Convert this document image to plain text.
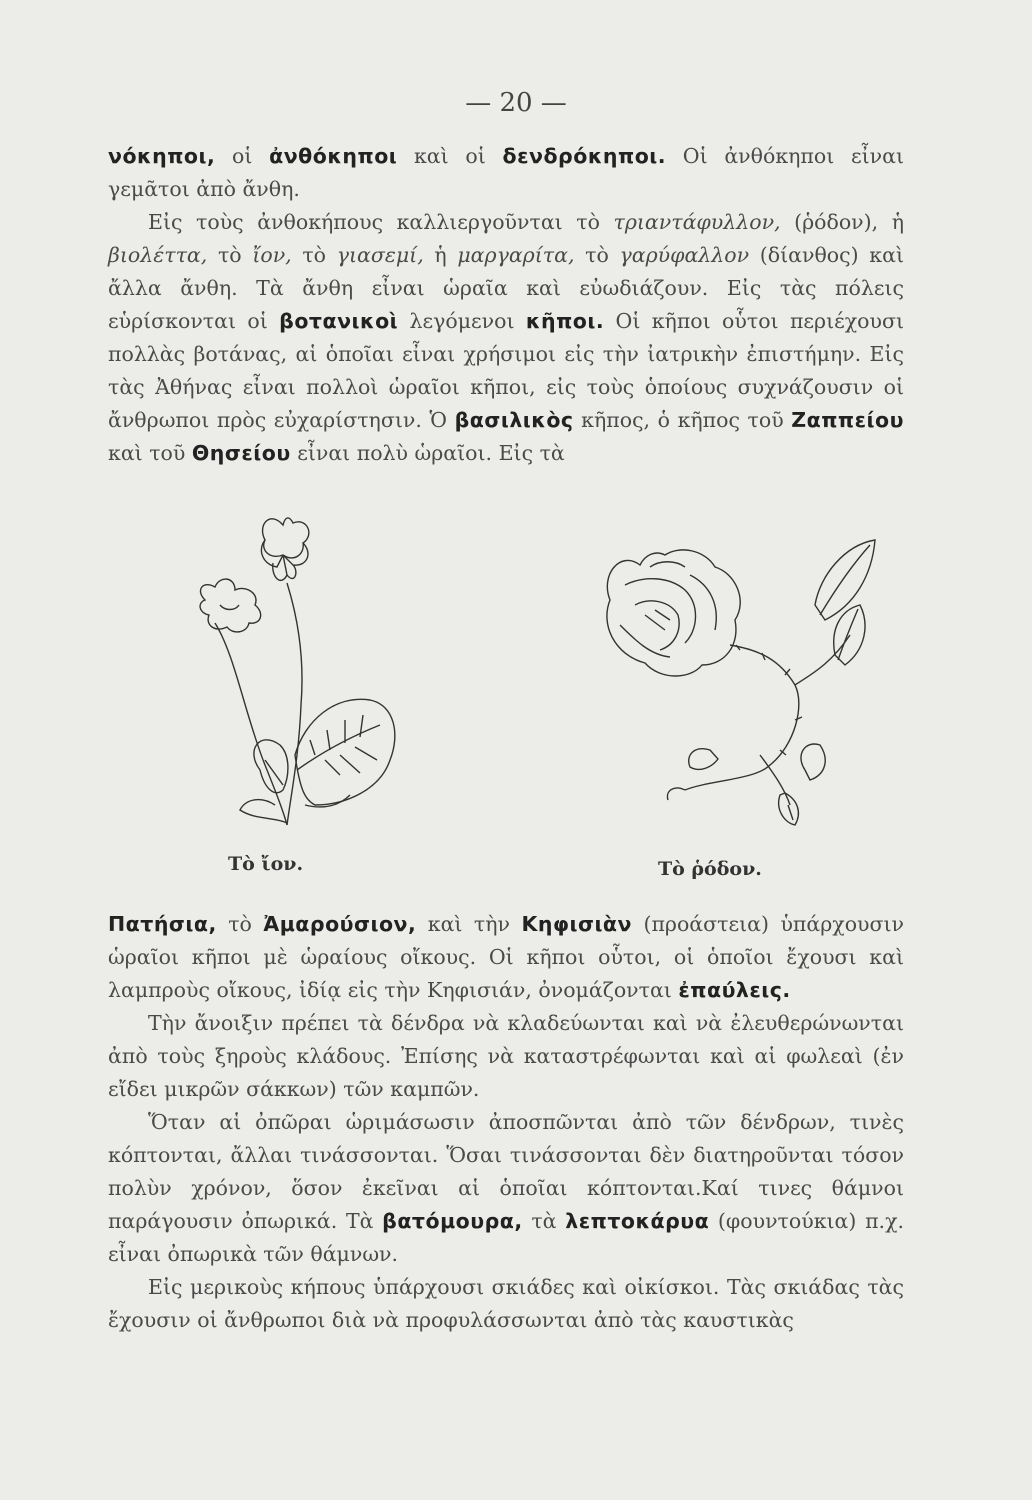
— 20 —

νόκηποι, οἱ ἀνθόκηποι καὶ οἱ δενδρόκηποι. Οἱ ἀνθόκηποι εἶναι γεμᾶτοι ἀπὸ ἄνθη.

Εἰς τοὺς ἀνθοκήπους καλλιεργοῦνται τὸ τριαντάφυλλον, (ῥόδον), ἡ βιολέττα, τὸ ἴον, τὸ γιασεμί, ἡ μαργαρίτα, τὸ γαρύφαλλον (δίανθος) καὶ ἄλλα ἄνθη. Τὰ ἄνθη εἶναι ὡραῖα καὶ εὐωδιάζουν. Εἰς τὰς πόλεις εὑρίσκονται οἱ βοτανικοὶ λεγόμενοι κῆποι. Οἱ κῆποι οὗτοι περιέχουσι πολλὰς βοτάνας, αἱ ὁποῖαι εἶναι χρήσιμοι εἰς τὴν ἰατρικὴν ἐπιστήμην. Εἰς τὰς Ἀθήνας εἶναι πολλοὶ ὡραῖοι κῆποι, εἰς τοὺς ὁποίους συχνάζουσιν οἱ ἄνθρωποι πρὸς εὐχαρίστησιν. Ὁ βασιλικὸς κῆπος, ὁ κῆπος τοῦ Ζαππείου καὶ τοῦ Θησείου εἶναι πολὺ ὡραῖοι. Εἰς τὰ

Τὸ ἴον.	Τὸ ῥόδον.

Πατήσια, τὸ Ἀμαρούσιον, καὶ τὴν Κηφισιὰν (προάστεια) ὑπάρχουσιν ὡραῖοι κῆποι μὲ ὡραίους οἴκους. Οἱ κῆποι οὗτοι, οἱ ὁποῖοι ἔχουσι καὶ λαμπροὺς οἴκους, ἰδίᾳ εἰς τὴν Κηφισιάν, ὀνομάζονται ἐπαύλεις.

Τὴν ἄνοιξιν πρέπει τὰ δένδρα νὰ κλαδεύωνται καὶ νὰ ἐλευθερώνωνται ἀπὸ τοὺς ξηροὺς κλάδους. Ἐπίσης νὰ καταστρέφωνται καὶ αἱ φωλεαὶ (ἐν εἴδει μικρῶν σάκκων) τῶν καμπῶν.

Ὅταν αἱ ὀπῶραι ὡριμάσωσιν ἀποσπῶνται ἀπὸ τῶν δένδρων, τινὲς κόπτονται, ἄλλαι τινάσσονται. Ὅσαι τινάσσονται δὲν διατηροῦνται τόσον πολὺν χρόνον, ὅσον ἐκεῖναι αἱ ὁποῖαι κόπτονται.Καί τινες θάμνοι παράγουσιν ὀπωρικά. Τὰ βατόμουρα, τὰ λεπτοκάρυα (φουντούκια) π.χ. εἶναι ὀπωρικὰ τῶν θάμνων.

Εἰς μερικοὺς κήπους ὑπάρχουσι σκιάδες καὶ οἰκίσκοι. Τὰς σκιάδας τὰς ἔχουσιν οἱ ἄνθρωποι διὰ νὰ προφυλάσσωνται ἀπὸ τὰς καυστικὰς
